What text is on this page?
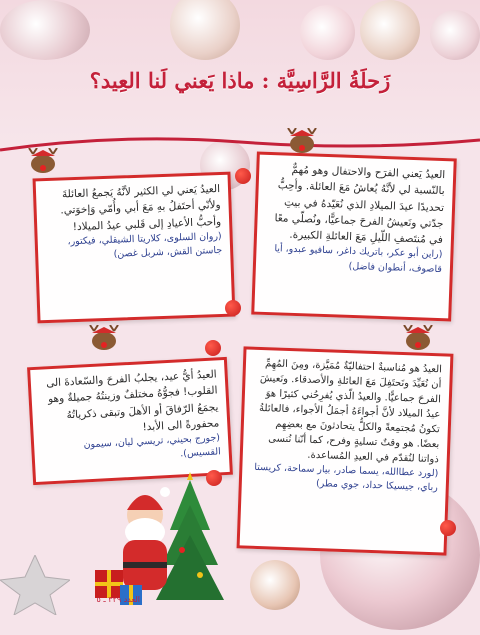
زَحلَةُ الرَّاسِيَّة : ماذا يَعني لَنا العِيد؟

العيدُ يَعني لي الكثير لأنَّهُ يَجمعُ العائلةَ ولأنّي أحتَفلُ بهِ مَعَ أبي وأُمّي وَإخوَتي. وأحبُّ الأعيادِ إلى قَلبي عيدُ الميلاد!

(روان السلوى، كلاريتا الشيقلي، فيكتور، جاستن القش، شربل غصن)

العيدُ يَعني الفرَح والاحتفال وهو مُهمٌّ بالنّسبة لي لأنَّهُ يُعاشُ مَعَ العائلة. وأحِبُّ تحديدًا عيدَ الميلادِ الذي نُعَيّدهُ في بيتِ جدّتي ونَعيشُ الفرحَ جماعيًّا، ونُصلّي معًا في مُنتَصفِ اللّيلِ مَعَ العائلةِ الكبيرة.

(راين أبو عكر، باتريك داغر، سافيو عبدو، أيا قاصوف، أنطوان فاضل)

العيدُ أيُّ عيد، يجلبُ الفرحَ والسّعادةَ الى القلوب! فجوُّهُ مختلفٌ وزينتُهُ جميلةٌ وهو يجمَعُ الرّفاقَ أو الأهلَ وتبقى ذكرياتُهُ محفورةً الى الأبد!

(جورج بحيني، تريسي ليان، سيمون القسيس).

العيدُ هو مُناسبةٌ احتفاليّةٌ مُمَيَّزة، ومِنَ المُهِمِّ أن نُعَيِّدَ ونَحتَفِلَ مَعَ العائلةِ والأصدقاء. ونَعيشَ الفرحَ جماعيًّا. والعيدُ الّذي يُفرِحُني كثيرًا هوَ عيدُ الميلاد لأنَّ أجواءَهُ أجمَلُ الأجواء، فالعائلةُ تكونُ مُجتمِعةً والكلُّ يتحادثونَ مع بعضِهِم بعضًا. هو وقتٌ تسليةٍ وفرح، كما أنّنا نُنسى ذواتنا لنُقدّم في العيدِ المُساعدة.

(لورد عطاالله، يسما صادر، بيار سماحة، كريستا رباي، جيسيكا حداد، جوي مطر)

العدد ٣٢٩ ـ ٥
